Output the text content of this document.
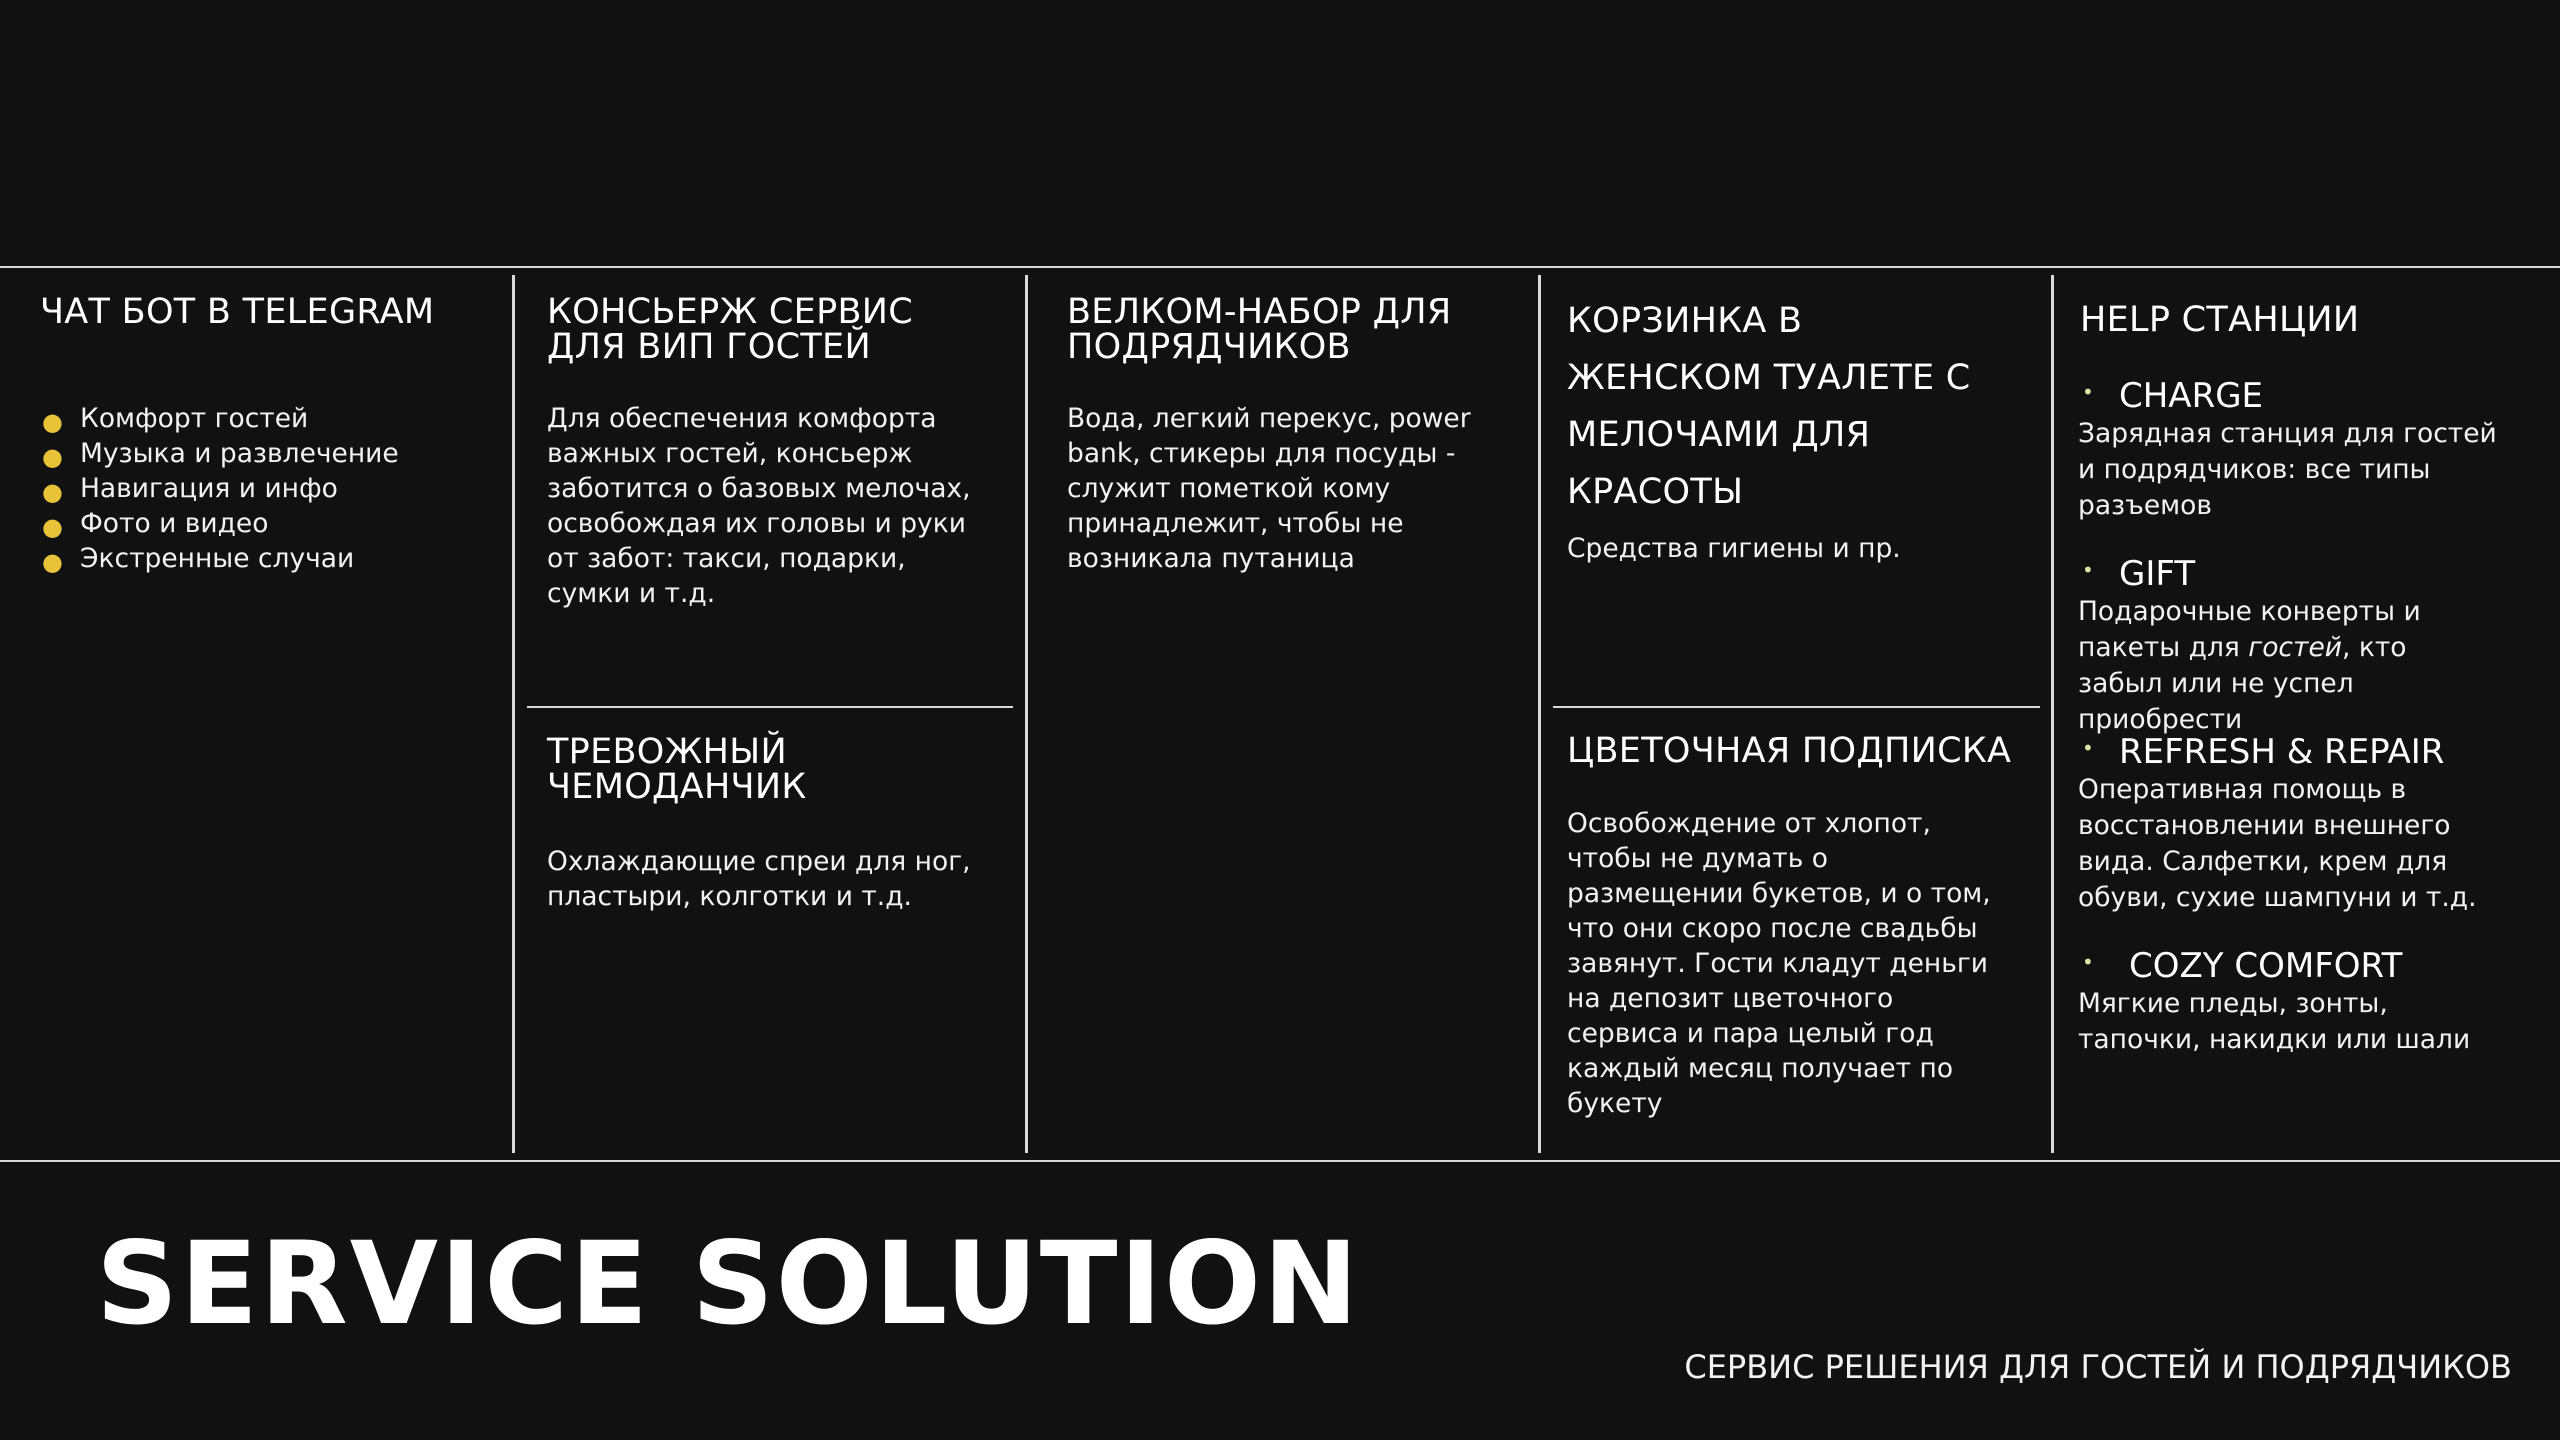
ЧАТ БОТ В TELEGRAM
● Комфорт гостей
● Музыка и развлечение
● Навигация и инфо
● Фото и видео
● Экстренные случаи
КОНСЬЕРЖ СЕРВИС ДЛЯ ВИП ГОСТЕЙ

Для обеспечения комфорта важных гостей, консьерж заботится о базовых мелочах, освобождая их головы и руки от забот: такси, подарки, сумки и т.д.

ТРЕВОЖНЫЙ ЧЕМОДАНЧИК

Охлаждающие спреи для ног, пластыри, колготки и т.д.

ВЕЛКОМ-НАБОР ДЛЯ ПОДРЯДЧИКОВ

Вода, легкий перекус, power bank, стикеры для посуды - служит пометкой кому принадлежит, чтобы не возникала путаница

КОРЗИНКА В ЖЕНСКОМ ТУАЛЕТЕ С МЕЛОЧАМИ ДЛЯ КРАСОТЫ

Средства гигиены и пр.

ЦВЕТОЧНАЯ ПОДПИСКА

Освобождение от хлопот, чтобы не думать о размещении букетов, и о том, что они скоро после свадьбы завянут. Гости кладут деньги на депозит цветочного сервиса и пара целый год каждый месяц получает по букету

HELP СТАНЦИИ
• CHARGE
Зарядная станция для гостей и подрядчиков: все типы разъемов
• GIFT
Подарочные конверты и пакеты для гостей, кто забыл или не успел приобрести
• REFRESH & REPAIR
Оперативная помощь в восстановлении внешнего вида. Салфетки, крем для обуви, сухие шампуни и т.д.
• COZY COMFORT
Мягкие пледы, зонты, тапочки, накидки или шали
SERVICE SOLUTION

СЕРВИС РЕШЕНИЯ ДЛЯ ГОСТЕЙ И ПОДРЯДЧИКОВ
